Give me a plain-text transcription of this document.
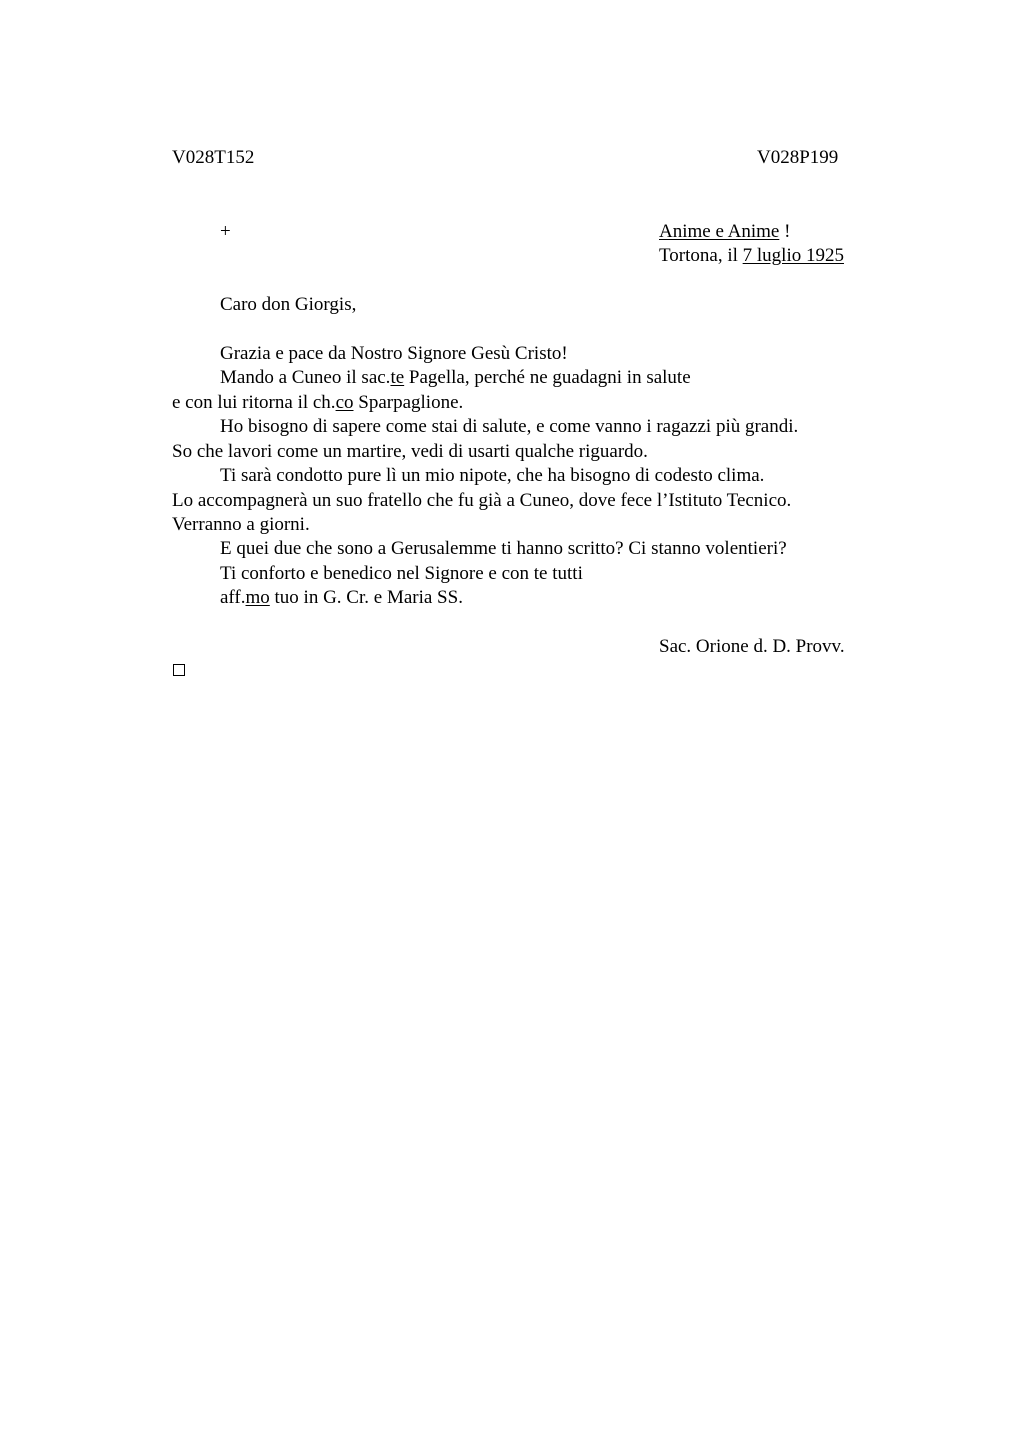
V028T152	V028P199
+	Anime e Anime !
Tortona, il 7 luglio 1925
Caro don Giorgis,
Grazia e pace da Nostro Signore Gesù Cristo!
Mando a Cuneo il sac.te Pagella, perché ne guadagni in salute
e con lui ritorna il ch.co Sparpaglione.
Ho bisogno di sapere come stai di salute, e come vanno i ragazzi più grandi.
So che lavori come un martire, vedi di usarti qualche riguardo.
Ti sarà condotto pure lì un mio nipote, che ha bisogno di codesto clima.
Lo accompagnerà un suo fratello che fu già a Cuneo, dove fece l’Istituto Tecnico.
Verranno a giorni.
E quei due che sono a Gerusalemme ti hanno scritto? Ci stanno volentieri?
Ti conforto e benedico nel Signore e con te tutti
aff.mo tuo in G. Cr. e Maria SS.
Sac. Orione d. D. Provv.
